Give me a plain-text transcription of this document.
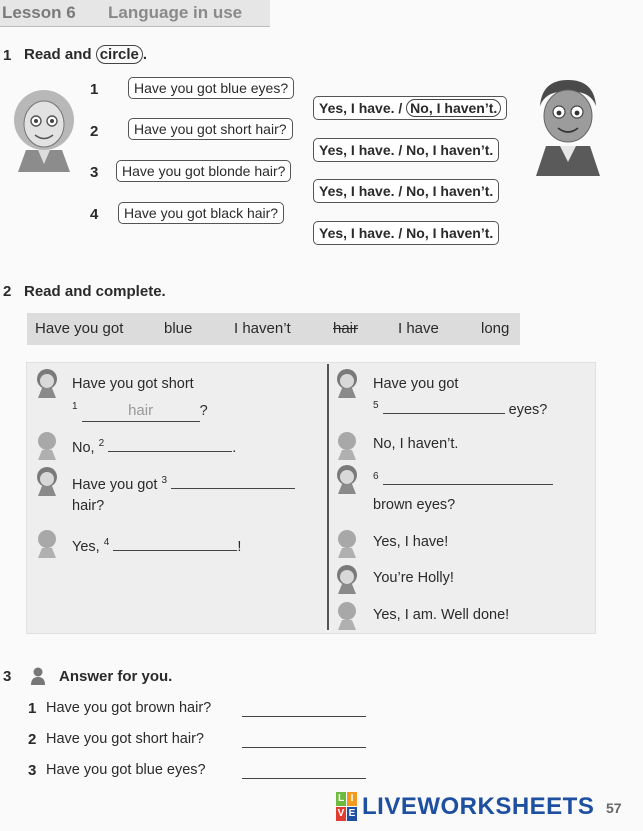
Lesson 6 Language in use
1 Read and circle .
1	Have you got blue eyes?
2	Have you got short hair?
3	Have you got blonde hair?
4	Have you got black hair?
Yes, I have. / No, I haven’t.
Yes, I have. / No, I haven’t.
Yes, I have. / No, I haven’t.
Yes, I have. / No, I haven’t.
2 Read and complete.
Have you got	blue	I haven’t	hair	I have	long
Have you got short
$^1$	hair	?
No, $^2$	.
Have you got $^3$
hair?
Yes, $^4$	!
Have you got
$^5$	eyes?
No, I haven’t.
$^6$
brown eyes?
Yes, I have!
You’re Holly!
Yes, I am. Well done!
3	Answer for you.
1 Have you got brown hair?
2 Have you got short hair?
3 Have you got blue eyes?
L I
V E LIVEWORKSHEETS 57
